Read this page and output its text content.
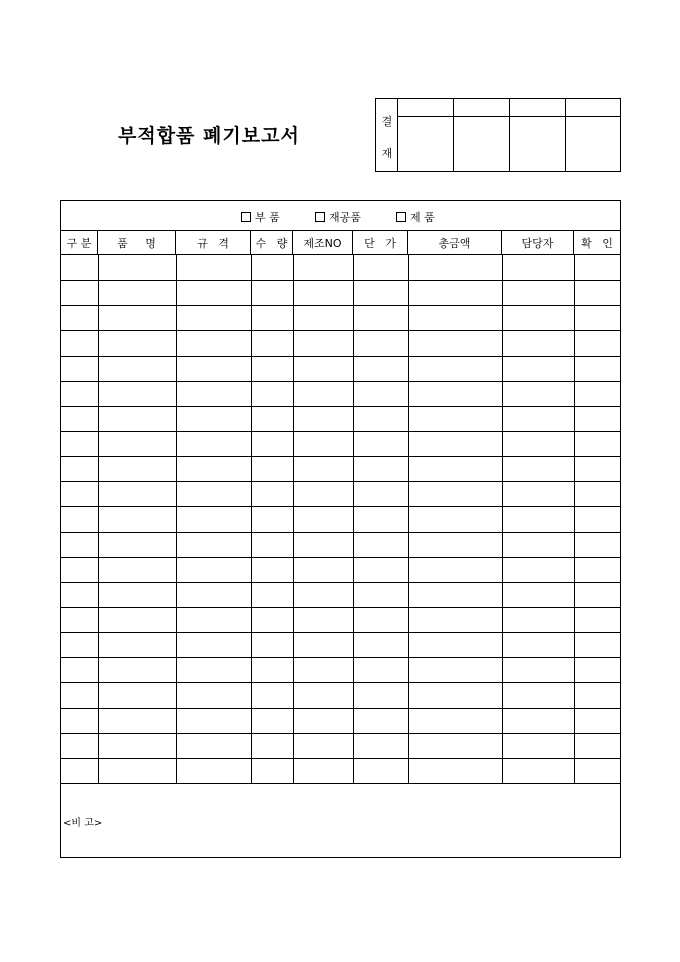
부적합품 폐기보고서
결
재
부 품	재공품	제 품
구 분	품     명	규   격	수   량	제조NO	단   가	총금액	담당자	확   인
<비 고>
